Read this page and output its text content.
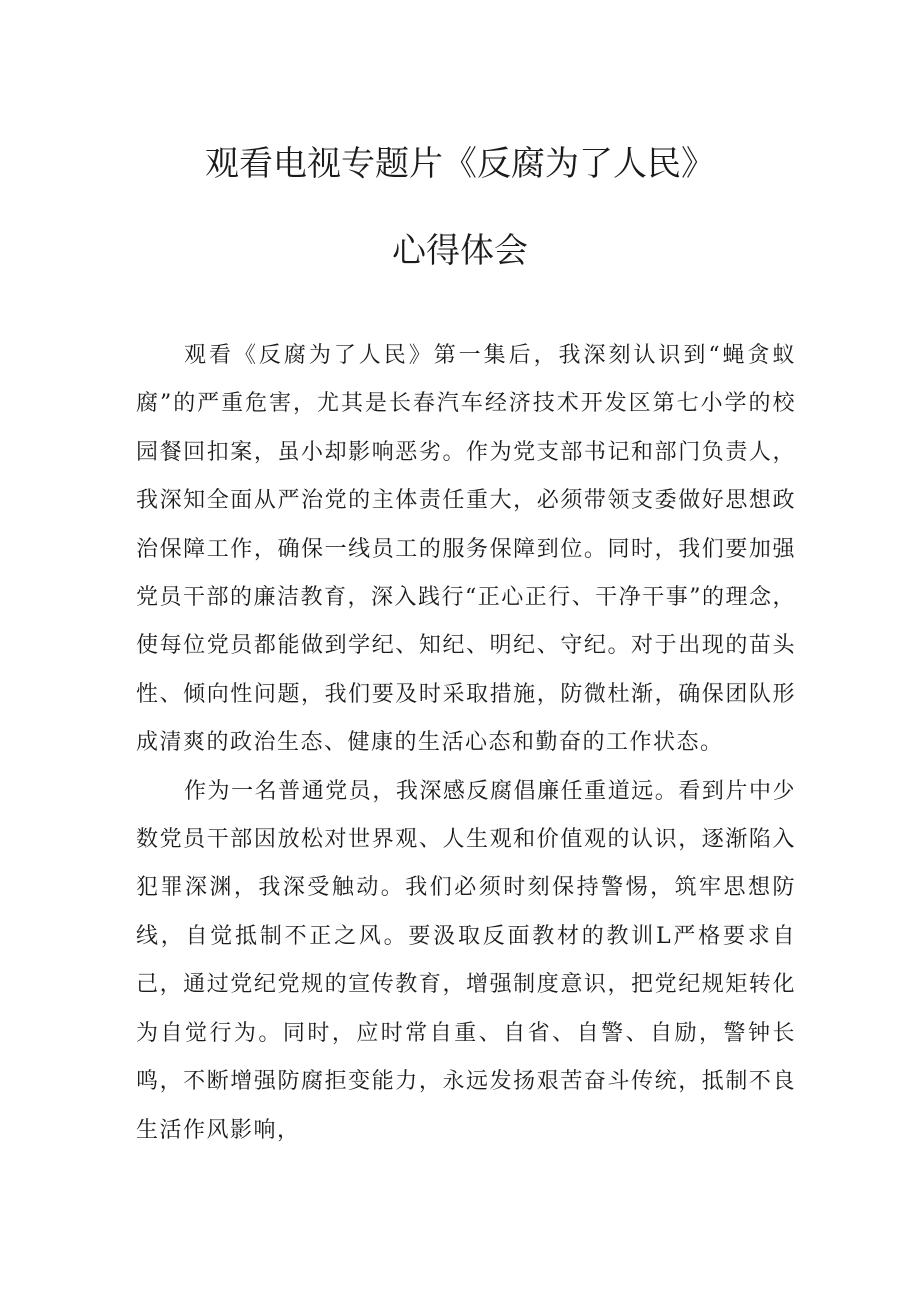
观看电视专题片《反腐为了人民》
心得体会

观看《反腐为了人民》第一集后，我深刻认识到“蝇贪蚁腐”的严重危害，尤其是长春汽车经济技术开发区第七小学的校园餐回扣案，虽小却影响恶劣。作为党支部书记和部门负责人，我深知全面从严治党的主体责任重大，必须带领支委做好思想政治保障工作，确保一线员工的服务保障到位。同时，我们要加强党员干部的廉洁教育，深入践行“正心正行、干净干事”的理念，使每位党员都能做到学纪、知纪、明纪、守纪。对于出现的苗头性、倾向性问题，我们要及时采取措施，防微杜渐，确保团队形成清爽的政治生态、健康的生活心态和勤奋的工作状态。

作为一名普通党员，我深感反腐倡廉任重道远。看到片中少数党员干部因放松对世界观、人生观和价值观的认识，逐渐陷入犯罪深渊，我深受触动。我们必须时刻保持警惕，筑牢思想防线，自觉抵制不正之风。要汲取反面教材的教训L严格要求自己，通过党纪党规的宣传教育，增强制度意识，把党纪规矩转化为自觉行为。同时，应时常自重、自省、自警、自励，警钟长鸣，不断增强防腐拒变能力，永远发扬艰苦奋斗传统，抵制不良生活作风影响，
